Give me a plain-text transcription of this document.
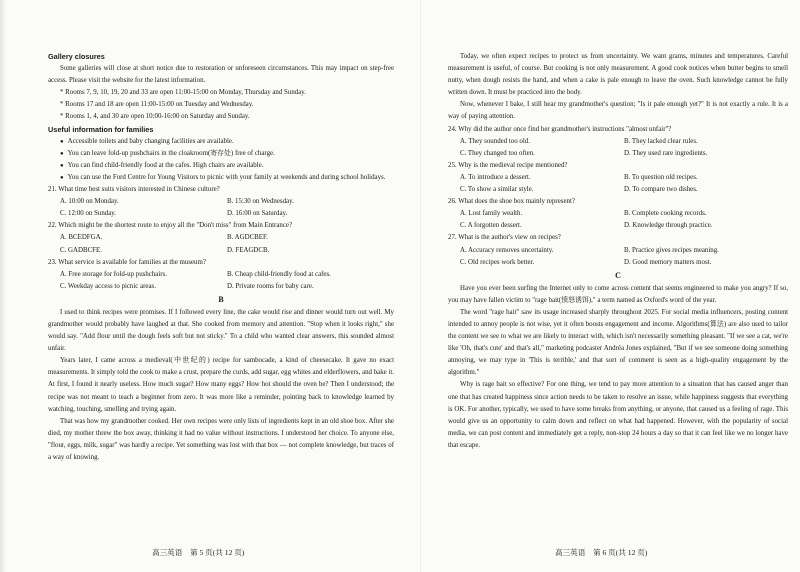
Gallery closures

Some galleries will close at short notice due to restoration or unforeseen circumstances. This may impact on step-free access. Please visit the website for the latest information.

* Rooms 7, 9, 10, 19, 20 and 33 are open 11:00-15:00 on Monday, Thursday and Sunday.

* Rooms 17 and 18 are open 11:00-15:00 on Tuesday and Wednesday.

* Rooms 1, 4, and 30 are open 10:00-16:00 on Saturday and Sunday.

Useful information for families

● Accessible toilets and baby changing facilities are available.

● You can leave fold-up pushchairs in the cloakroom(寄存处) free of charge.

● You can find child-friendly food at the cafes. High chairs are available.

● You can use the Ford Centre for Young Visitors to picnic with your family at weekends and during school holidays.

21. What time best suits visitors interested in Chinese culture?

A. 10:00 on Monday.	B. 15:30 on Wednesday.
C. 12:00 on Sunday.	D. 16:00 on Saturday.

22. Which might be the shortest route to enjoy all the "Don't miss" from Main Entrance?

A. BCEDFGA.	B. AGDCBEF.
C. GADBCFE.	D. FEAGDCB.

23. What service is available for families at the museum?

A. Free storage for fold-up pushchairs.	B. Cheap child-friendly food at cafes.
C. Weekday access to picnic areas.	D. Private rooms for baby care.

B

I used to think recipes were promises. If I followed every line, the cake would rise and dinner would turn out well. My grandmother would probably have laughed at that. She cooked from memory and attention. "Stop when it looks right," she would say. "Add flour until the dough feels soft but not sticky." To a child who wanted clear answers, this sounded almost unfair.

Years later, I came across a medieval(中世纪的) recipe for sambocade, a kind of cheesecake. It gave no exact measurements. It simply told the cook to make a crust, prepare the curds, add sugar, egg whites and elderflowers, and bake it. At first, I found it nearly useless. How much sugar? How many eggs? How hot should the oven be? Then I understood; the recipe was not meant to teach a beginner from zero. It was more like a reminder, pointing back to knowledge learned by watching, touching, smelling and trying again.

That was how my grandmother cooked. Her own recipes were only lists of ingredients kept in an old shoe box. After she died, my mother threw the box away, thinking it had no value without instructions. I understood her choice. To anyone else, "flour, eggs, milk, sugar" was hardly a recipe. Yet something was lost with that box — not complete knowledge, but traces of a way of knowing.

高三英语　第 5 页(共 12 页)

Today, we often expect recipes to protect us from uncertainty. We want grams, minutes and temperatures. Careful measurement is useful, of course. But cooking is not only measurement. A good cook notices when butter begins to smell nutty, when dough resists the hand, and when a cake is pale enough to leave the oven. Such knowledge cannot be fully written down. It must be practiced into the body.

Now, whenever I bake, I still hear my grandmother's question; "Is it pale enough yet?" It is not exactly a rule. It is a way of paying attention.

24. Why did the author once find her grandmother's instructions "almost unfair"?

A. They sounded too old.	B. They lacked clear rules.
C. They changed too often.	D. They used rare ingredients.

25. Why is the medieval recipe mentioned?

A. To introduce a dessert.	B. To question old recipes.
C. To show a similar style.	D. To compare two dishes.

26. What does the shoe box mainly represent?

A. Lost family wealth.	B. Complete cooking records.
C. A forgotten dessert.	D. Knowledge through practice.

27. What is the author's view on recipes?

A. Accuracy removes uncertainty.	B. Practice gives recipes meaning.
C. Old recipes work better.	D. Good memory matters most.

C

Have you ever been surfing the Internet only to come across content that seems engineered to make you angry? If so, you may have fallen victim to "rage bait(愤怒诱饵)," a term named as Oxford's word of the year.

The word "rage bait" saw its usage increased sharply throughout 2025. For social media influencers, posting content intended to annoy people is not wise, yet it often boosts engagement and income. Algorithms(算法) are also used to tailor the content we see to what we are likely to interact with, which isn't necessarily something pleasant. "If we see a cat, we're like 'Oh, that's cute' and that's all," marketing podcaster Andréa Jones explained, "But if we see someone doing something annoying, we may type in 'This is terrible,' and that sort of comment is seen as a high-quality engagement by the algorithm."

Why is rage bait so effective? For one thing, we tend to pay more attention to a situation that has caused anger than one that has created happiness since action needs to be taken to resolve an issue, while happiness suggests that everything is OK. For another, typically, we used to have some breaks from anything, or anyone, that caused us a feeling of rage. This would give us an opportunity to calm down and reflect on what had happened. However, with the popularity of social media, we can post content and immediately get a reply, non-stop 24 hours a day so that it can feel like we no longer have that escape.

高三英语　第 6 页(共 12 页)
